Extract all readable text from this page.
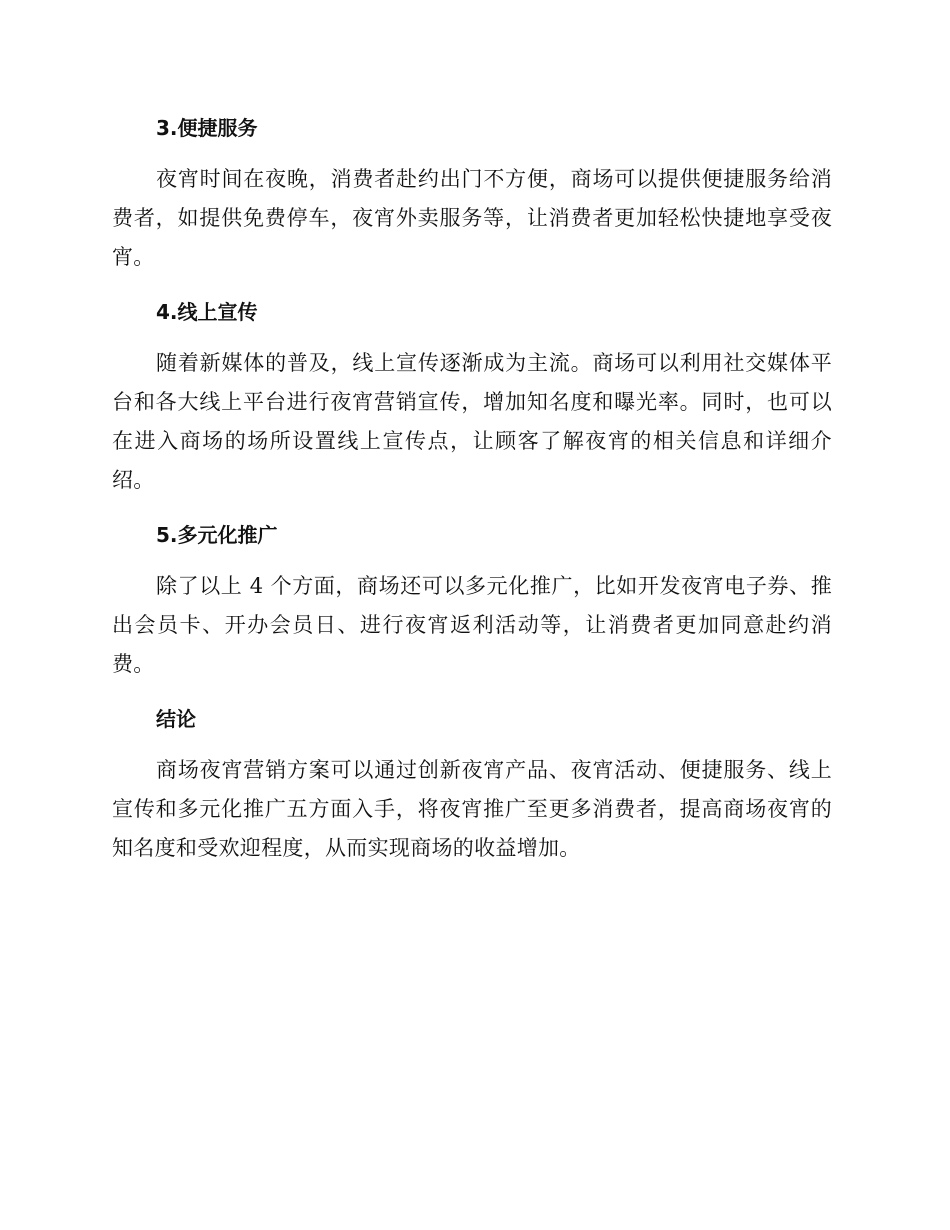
3.便捷服务

夜宵时间在夜晚，消费者赴约出门不方便，商场可以提供便捷服务给消费者，如提供免费停车，夜宵外卖服务等，让消费者更加轻松快捷地享受夜宵。

4.线上宣传

随着新媒体的普及，线上宣传逐渐成为主流。商场可以利用社交媒体平台和各大线上平台进行夜宵营销宣传，增加知名度和曝光率。同时，也可以在进入商场的场所设置线上宣传点，让顾客了解夜宵的相关信息和详细介绍。

5.多元化推广

除了以上 4 个方面，商场还可以多元化推广，比如开发夜宵电子券、推出会员卡、开办会员日、进行夜宵返利活动等，让消费者更加同意赴约消费。

结论

商场夜宵营销方案可以通过创新夜宵产品、夜宵活动、便捷服务、线上宣传和多元化推广五方面入手，将夜宵推广至更多消费者，提高商场夜宵的知名度和受欢迎程度，从而实现商场的收益增加。
